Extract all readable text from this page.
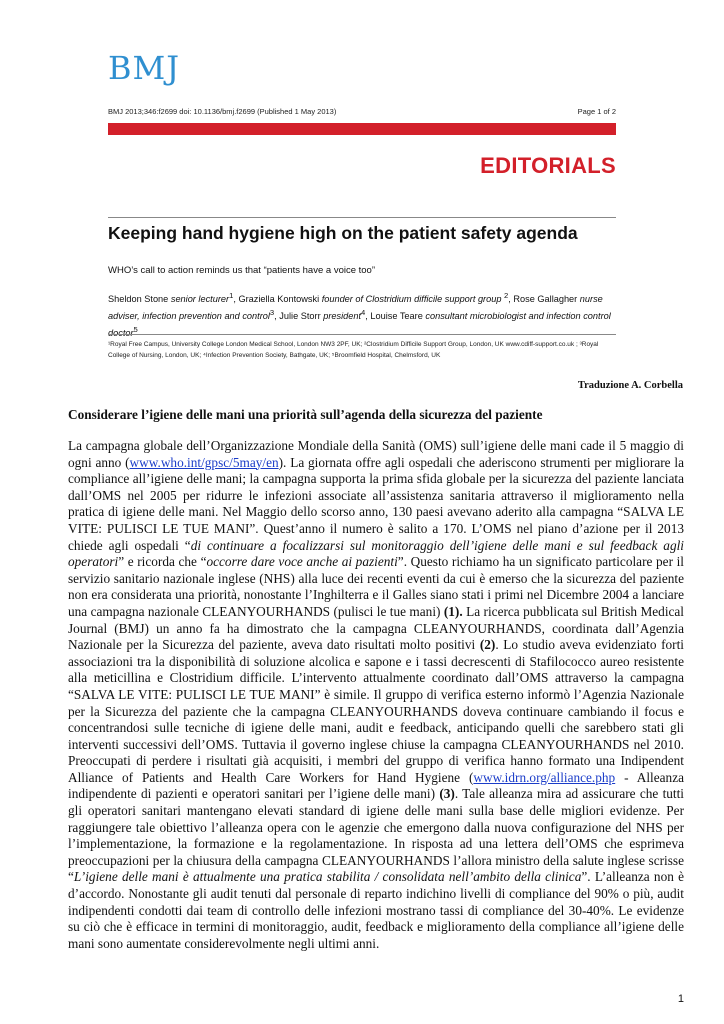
BMJ
BMJ 2013;346:f2699 doi: 10.1136/bmj.f2699 (Published 1 May 2013)	Page 1 of 2
EDITORIALS
Keeping hand hygiene high on the patient safety agenda
WHO’s call to action reminds us that “patients have a voice too”
Sheldon Stone senior lecturer$^1$, Graziella Kontowski founder of Clostridium difficile support group $^2$, Rose Gallagher nurse adviser, infection prevention and control$^3$, Julie Storr president$^4$, Louise Teare consultant microbiologist and infection control $^5$
¹Royal Free Campus, University College London Medical School, London NW3 2PF, UK; ²Clostridium Difficile Support Group, London, UK www.cdiff-support.co.uk ; ³Royal College of Nursing, London, UK; ⁴Infection Prevention Society, Bathgate, UK; ⁵Broomfield Hospital, Chelmsford, UK
Traduzione A. Corbella
Considerare l’igiene delle mani una priorità sull’agenda della sicurezza del paziente
La campagna globale dell’Organizzazione Mondiale della Sanità (OMS) sull’igiene delle mani cade il 5 maggio di ogni anno (www.who.int/gpsc/5may/en). La giornata offre agli ospedali che aderiscono strumenti per migliorare la compliance all’igiene delle mani; la campagna supporta la prima sfida globale per la sicurezza del paziente lanciata dall’OMS nel 2005 per ridurre le infezioni associate all’assistenza sanitaria attraverso il miglioramento nella pratica di igiene delle mani. Nel Maggio dello scorso anno, 130 paesi avevano aderito alla campagna “SALVA LE VITE: PULISCI LE TUE MANI”. Quest’anno il numero è salito a 170. L’OMS nel piano d’azione per il 2013 chiede agli ospedali “di continuare a focalizzarsi sul monitoraggio dell’igiene delle mani e sul feedback agli operatori” e ricorda che “occorre dare voce anche ai pazienti”. Questo richiamo ha un significato particolare per il servizio sanitario nazionale inglese (NHS) alla luce dei recenti eventi da cui è emerso che la sicurezza del paziente non era considerata una priorità, nonostante l’Inghilterra e il Galles siano stati i primi nel Dicembre 2004 a lanciare una campagna nazionale CLEANYOURHANDS (pulisci le tue mani) (1). La ricerca pubblicata sul British Medical Journal (BMJ) un anno fa ha dimostrato che la campagna CLEANYOURHANDS, coordinata dall’Agenzia Nazionale per la Sicurezza del paziente, aveva dato risultati molto positivi (2). Lo studio aveva evidenziato forti associazioni tra la disponibilità di soluzione alcolica e sapone e i tassi decrescenti di Stafilococco aureo resistente alla meticillina e Clostridium difficile. L’intervento attualmente coordinato dall’OMS attraverso la campagna “SALVA LE VITE: PULISCI LE TUE MANI” è simile. Il gruppo di verifica esterno informò l’Agenzia Nazionale per la Sicurezza del paziente che la campagna CLEANYOURHANDS doveva continuare cambiando il focus e concentrandosi sulle tecniche di igiene delle mani, audit e feedback, anticipando quelli che sarebbero stati gli interventi successivi dell’OMS. Tuttavia il governo inglese chiuse la campagna CLEANYOURHANDS nel 2010. Preoccupati di perdere i risultati già acquisiti, i membri del gruppo di verifica hanno formato una Indipendent Alliance of Patients and Health Care Workers for Hand Hygiene (www.idrn.org/alliance.php - Alleanza indipendente di pazienti e operatori sanitari per l’igiene delle mani) (3). Tale alleanza mira ad assicurare che tutti gli operatori sanitari mantengano elevati standard di igiene delle mani sulla base delle migliori evidenze. Per raggiungere tale obiettivo l’alleanza opera con le agenzie che emergono dalla nuova configurazione del NHS per l’implementazione, la formazione e la regolamentazione. In risposta ad una lettera dell’OMS che esprimeva preoccupazioni per la chiusura della campagna CLEANYOURHANDS l’allora ministro della salute inglese scrisse “L’igiene delle mani è attualmente una pratica stabilita / consolidata nell’ambito della clinica”. L’alleanza non è d’accordo. Nonostante gli audit tenuti dal personale di reparto indichino livelli di compliance del 90% o più, audit indipendenti condotti dai team di controllo delle infezioni mostrano tassi di compliance del 30-40%. Le evidenze su ciò che è efficace in termini di monitoraggio, audit, feedback e miglioramento della compliance all’igiene delle mani sono aumentate considerevolmente negli ultimi anni.
1
